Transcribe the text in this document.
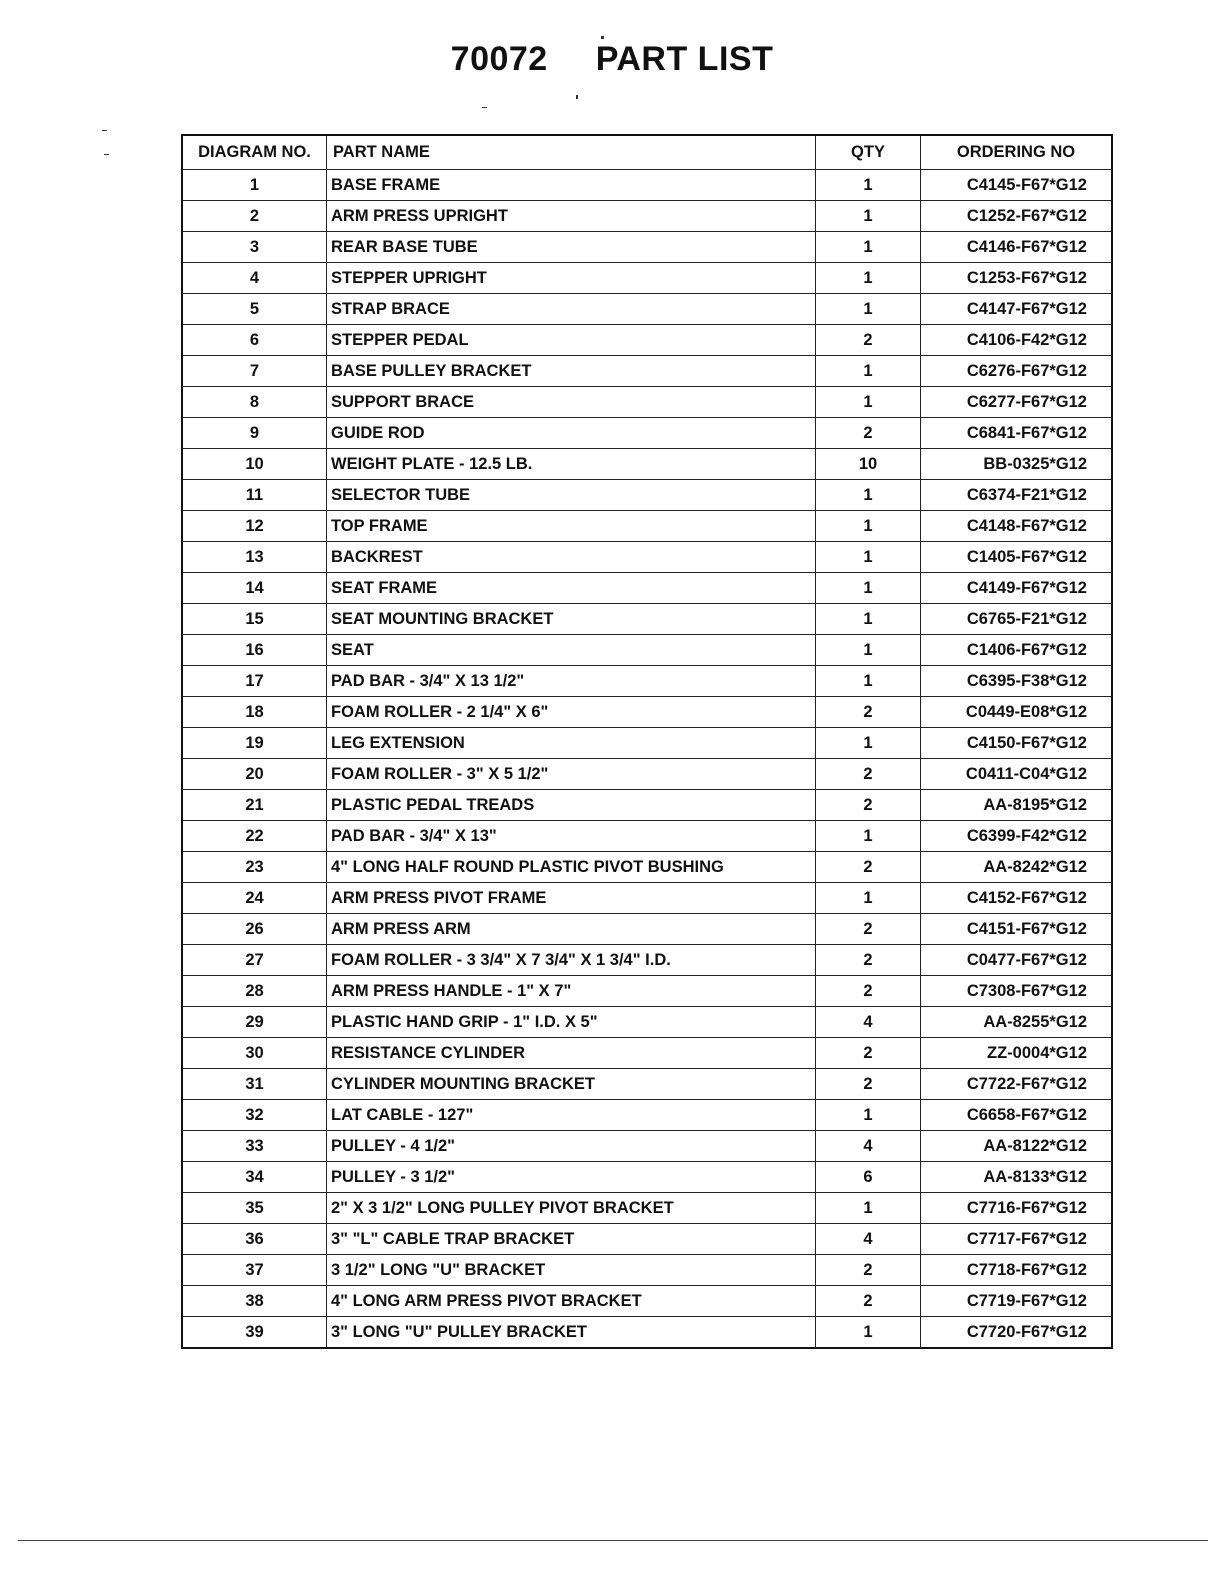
70072 PART LIST
DIAGRAM NO.	PART NAME	QTY	ORDERING NO
1	BASE FRAME	1	C4145-F67*G12
2	ARM PRESS UPRIGHT	1	C1252-F67*G12
3	REAR BASE TUBE	1	C4146-F67*G12
4	STEPPER UPRIGHT	1	C1253-F67*G12
5	STRAP BRACE	1	C4147-F67*G12
6	STEPPER PEDAL	2	C4106-F42*G12
7	BASE PULLEY BRACKET	1	C6276-F67*G12
8	SUPPORT BRACE	1	C6277-F67*G12
9	GUIDE ROD	2	C6841-F67*G12
10	WEIGHT PLATE - 12.5 LB.	10	BB-0325*G12
11	SELECTOR TUBE	1	C6374-F21*G12
12	TOP FRAME	1	C4148-F67*G12
13	BACKREST	1	C1405-F67*G12
14	SEAT FRAME	1	C4149-F67*G12
15	SEAT MOUNTING BRACKET	1	C6765-F21*G12
16	SEAT	1	C1406-F67*G12
17	PAD BAR - 3/4" X 13 1/2"	1	C6395-F38*G12
18	FOAM ROLLER - 2 1/4" X 6"	2	C0449-E08*G12
19	LEG EXTENSION	1	C4150-F67*G12
20	FOAM ROLLER - 3" X 5 1/2"	2	C0411-C04*G12
21	PLASTIC PEDAL TREADS	2	AA-8195*G12
22	PAD BAR - 3/4" X 13"	1	C6399-F42*G12
23	4" LONG HALF ROUND PLASTIC PIVOT BUSHING	2	AA-8242*G12
24	ARM PRESS PIVOT FRAME	1	C4152-F67*G12
26	ARM PRESS ARM	2	C4151-F67*G12
27	FOAM ROLLER - 3 3/4" X 7 3/4" X 1 3/4" I.D.	2	C0477-F67*G12
28	ARM PRESS HANDLE - 1" X 7"	2	C7308-F67*G12
29	PLASTIC HAND GRIP - 1" I.D. X 5"	4	AA-8255*G12
30	RESISTANCE CYLINDER	2	ZZ-0004*G12
31	CYLINDER MOUNTING BRACKET	2	C7722-F67*G12
32	LAT CABLE - 127"	1	C6658-F67*G12
33	PULLEY - 4 1/2"	4	AA-8122*G12
34	PULLEY - 3 1/2"	6	AA-8133*G12
35	2" X 3 1/2" LONG PULLEY PIVOT BRACKET	1	C7716-F67*G12
36	3" "L" CABLE TRAP BRACKET	4	C7717-F67*G12
37	3 1/2" LONG "U" BRACKET	2	C7718-F67*G12
38	4" LONG ARM PRESS PIVOT BRACKET	2	C7719-F67*G12
39	3" LONG "U" PULLEY BRACKET	1	C7720-F67*G12
